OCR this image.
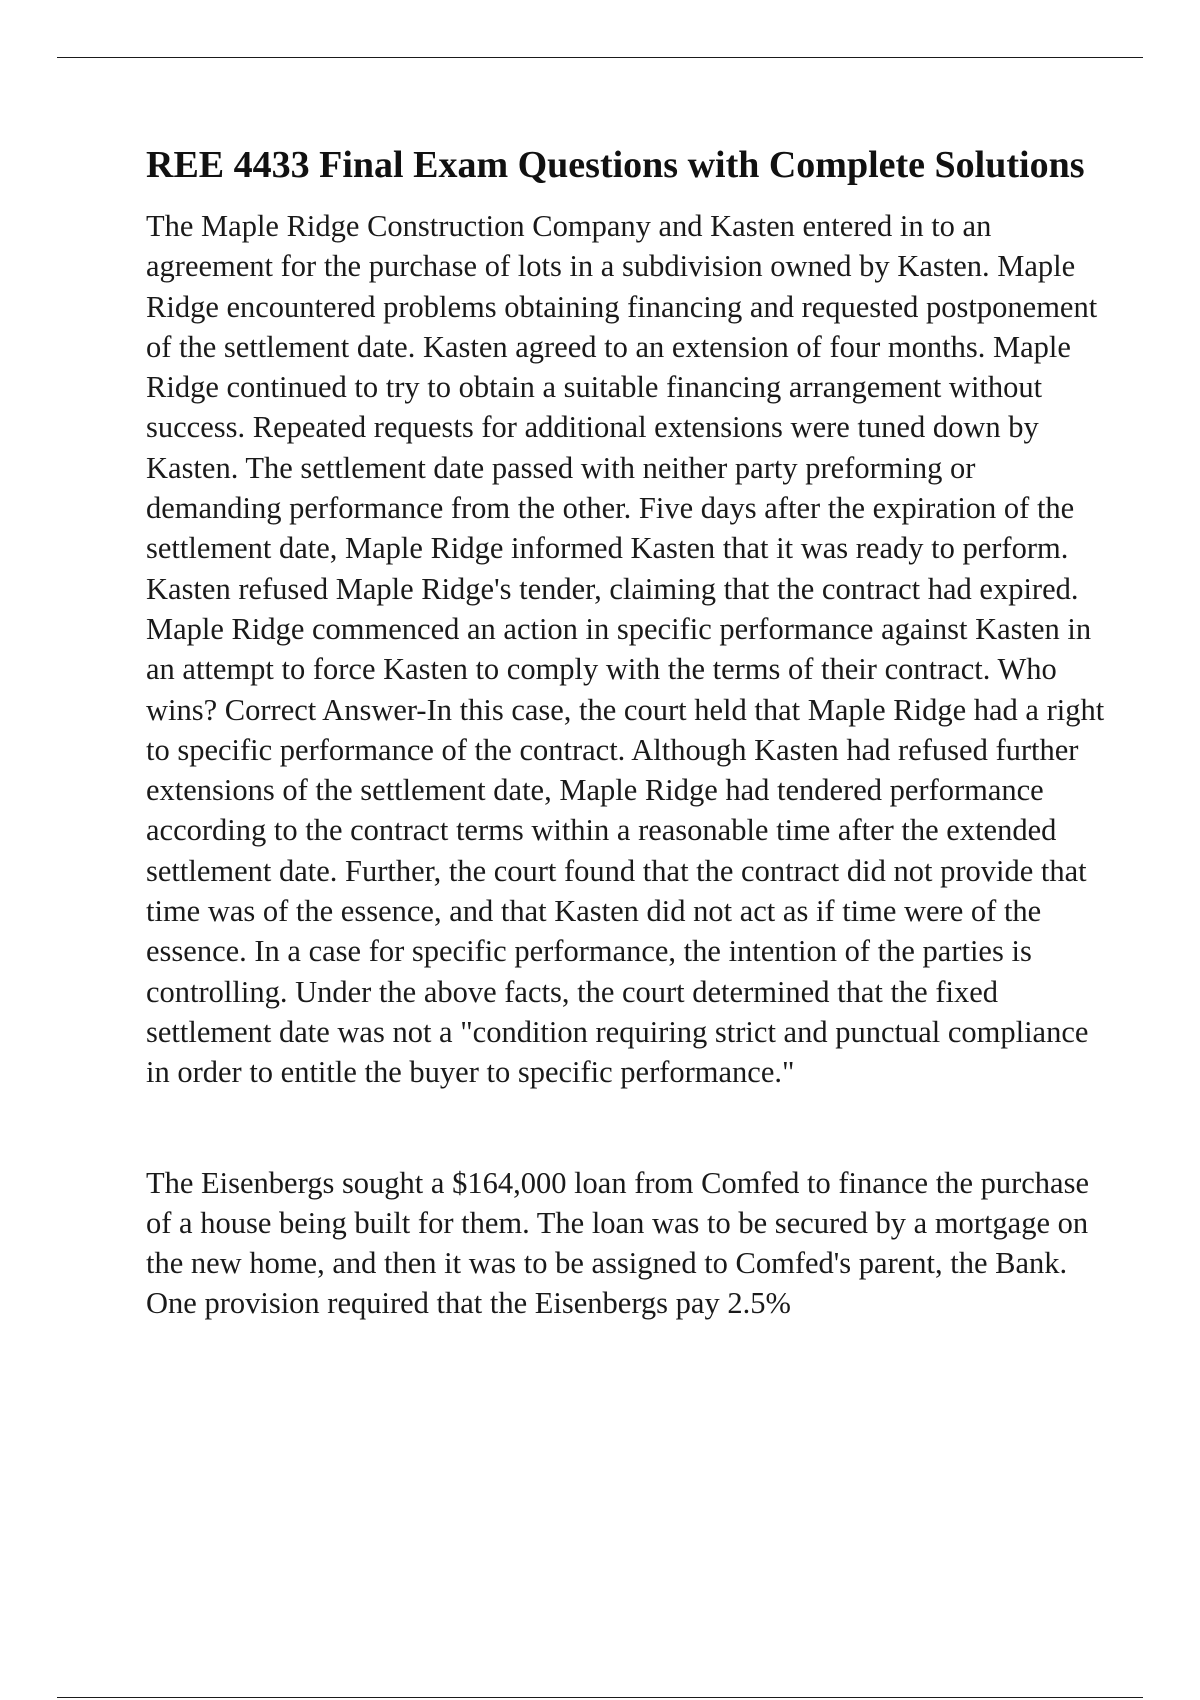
REE 4433 Final Exam Questions with Complete Solutions

The Maple Ridge Construction Company and Kasten entered in to an agreement for the purchase of lots in a subdivision owned by Kasten. Maple Ridge encountered problems obtaining financing and requested postponement of the settlement date. Kasten agreed to an extension of four months. Maple Ridge continued to try to obtain a suitable financing arrangement without success. Repeated requests for additional extensions were tuned down by Kasten. The settlement date passed with neither party preforming or demanding performance from the other. Five days after the expiration of the settlement date, Maple Ridge informed Kasten that it was ready to perform. Kasten refused Maple Ridge's tender, claiming that the contract had expired. Maple Ridge commenced an action in specific performance against Kasten in an attempt to force Kasten to comply with the terms of their contract. Who wins? Correct Answer-In this case, the court held that Maple Ridge had a right to specific performance of the contract. Although Kasten had refused further extensions of the settlement date, Maple Ridge had tendered performance according to the contract terms within a reasonable time after the extended settlement date. Further, the court found that the contract did not provide that time was of the essence, and that Kasten did not act as if time were of the essence. In a case for specific performance, the intention of the parties is controlling. Under the above facts, the court determined that the fixed settlement date was not a "condition requiring strict and punctual compliance in order to entitle the buyer to specific performance."

The Eisenbergs sought a $164,000 loan from Comfed to finance the purchase of a house being built for them. The loan was to be secured by a mortgage on the new home, and then it was to be assigned to Comfed's parent, the Bank. One provision required that the Eisenbergs pay 2.5%
